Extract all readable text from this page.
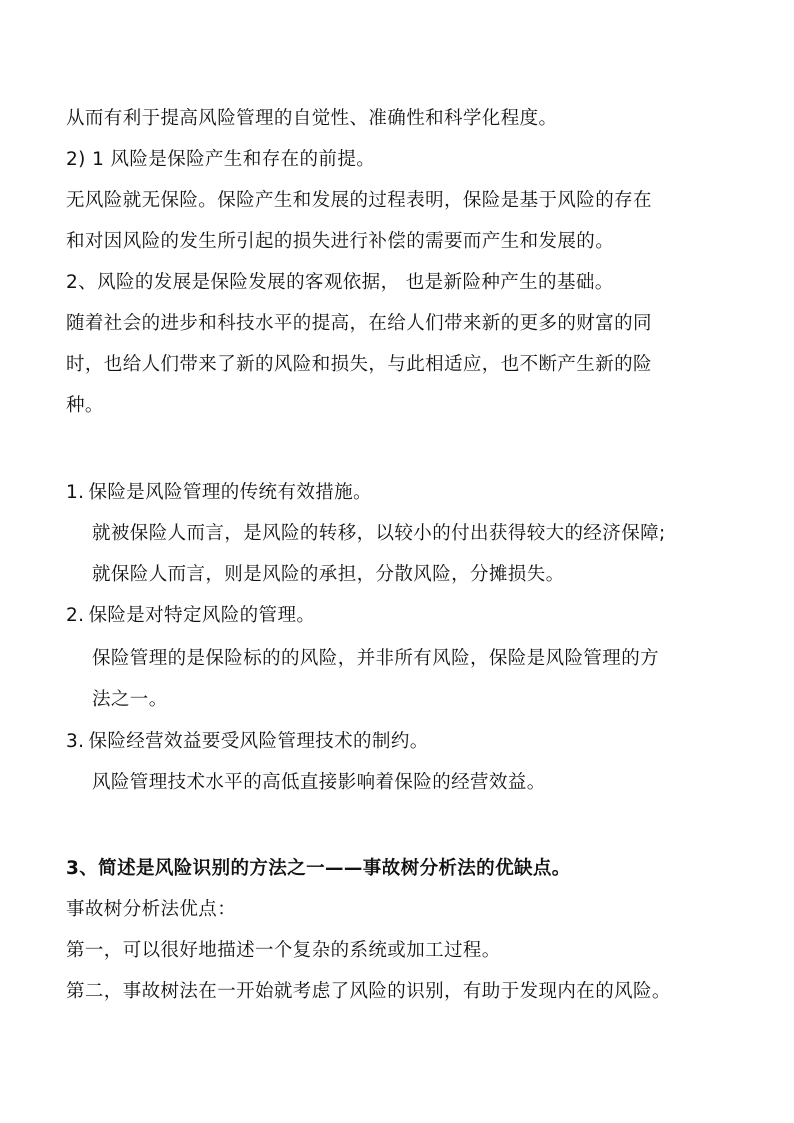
从而有利于提高风险管理的自觉性、准确性和科学化程度。
2) 1 风险是保险产生和存在的前提。
无风险就无保险。保险产生和发展的过程表明，保险是基于风险的存在
和对因风险的发生所引起的损失进行补偿的需要而产生和发展的。
2、风险的发展是保险发展的客观依据， 也是新险种产生的基础。
随着社会的进步和科技水平的提高，在给人们带来新的更多的财富的同
时，也给人们带来了新的风险和损失，与此相适应，也不断产生新的险
种。
1. 保险是风险管理的传统有效措施。
就被保险人而言，是风险的转移，以较小的付出获得较大的经济保障;
就保险人而言，则是风险的承担，分散风险，分摊损失。
2. 保险是对特定风险的管理。
保险管理的是保险标的的风险，并非所有风险，保险是风险管理的方
法之一。
3. 保险经营效益要受风险管理技术的制约。
风险管理技术水平的高低直接影响着保险的经营效益。
3、简述是风险识别的方法之一——事故树分析法的优缺点。
事故树分析法优点：
第一，可以很好地描述一个复杂的系统或加工过程。
第二，事故树法在一开始就考虑了风险的识别，有助于发现内在的风险。
